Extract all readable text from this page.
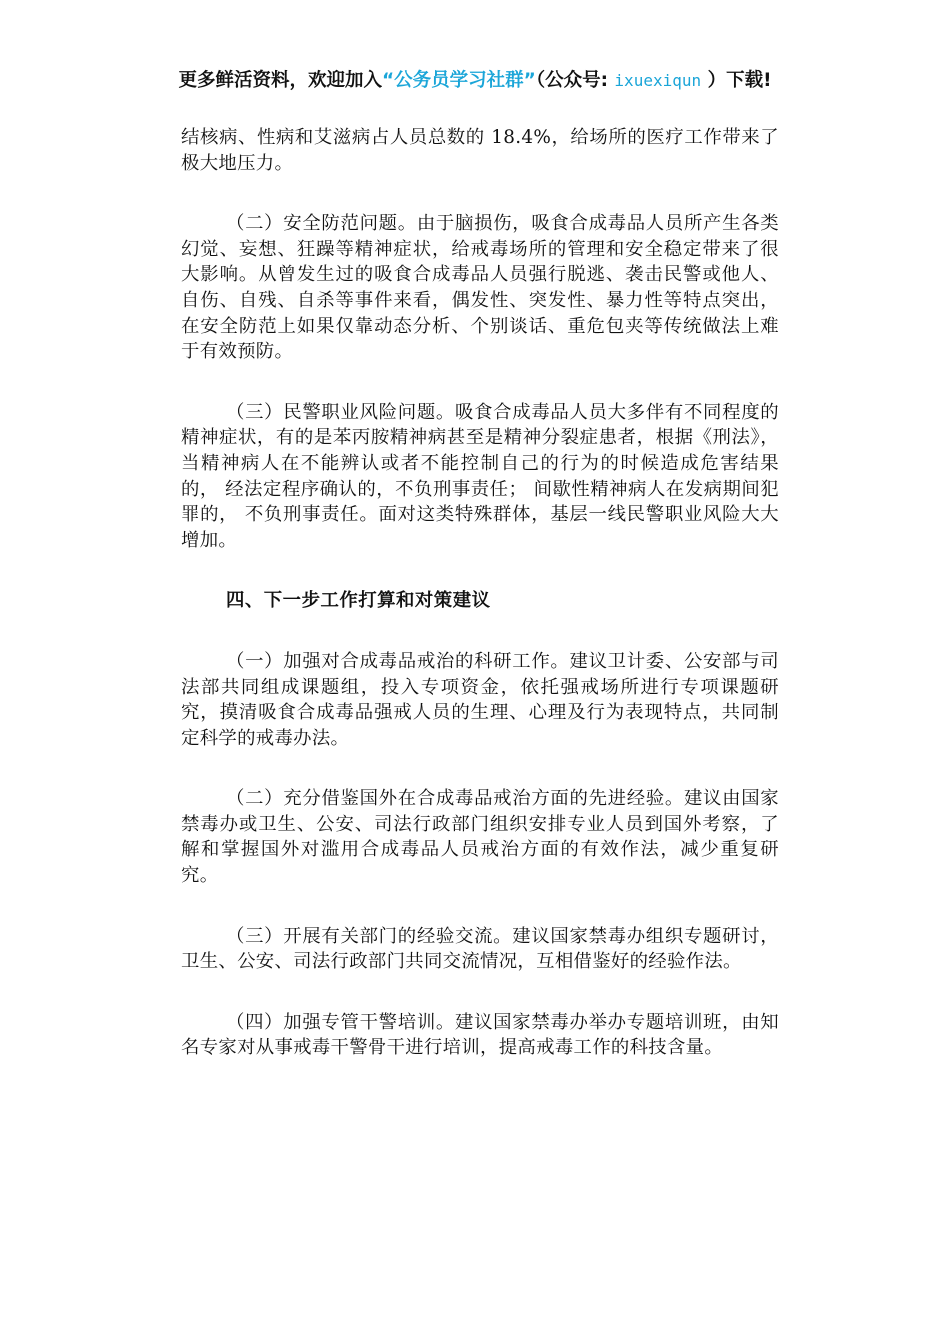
更多鲜活资料，欢迎加入“公务员学习社群”（公众号: ixuexiqun ）下载!

结核病、性病和艾滋病占人员总数的 18.4%，给场所的医疗工作带来了极大地压力。

（二）安全防范问题。由于脑损伤，吸食合成毒品人员所产生各类幻觉、妄想、狂躁等精神症状，给戒毒场所的管理和安全稳定带来了很大影响。从曾发生过的吸食合成毒品人员强行脱逃、袭击民警或他人、自伤、自残、自杀等事件来看，偶发性、突发性、暴力性等特点突出，在安全防范上如果仅靠动态分析、个别谈话、重危包夹等传统做法上难于有效预防。

（三）民警职业风险问题。吸食合成毒品人员大多伴有不同程度的精神症状，有的是苯丙胺精神病甚至是精神分裂症患者，根据《刑法》， 当精神病人在不能辨认或者不能控制自己的行为的时候造成危害结果的， 经法定程序确认的，不负刑事责任； 间歇性精神病人在发病期间犯罪的， 不负刑事责任。面对这类特殊群体，基层一线民警职业风险大大增加。

四、下一步工作打算和对策建议

（一）加强对合成毒品戒治的科研工作。建议卫计委、公安部与司法部共同组成课题组，投入专项资金，依托强戒场所进行专项课题研究，摸清吸食合成毒品强戒人员的生理、心理及行为表现特点，共同制定科学的戒毒办法。

（二）充分借鉴国外在合成毒品戒治方面的先进经验。建议由国家禁毒办或卫生、公安、司法行政部门组织安排专业人员到国外考察，了解和掌握国外对滥用合成毒品人员戒治方面的有效作法，减少重复研究。

（三）开展有关部门的经验交流。建议国家禁毒办组织专题研讨，卫生、公安、司法行政部门共同交流情况，互相借鉴好的经验作法。

（四）加强专管干警培训。建议国家禁毒办举办专题培训班，由知名专家对从事戒毒干警骨干进行培训，提高戒毒工作的科技含量。
